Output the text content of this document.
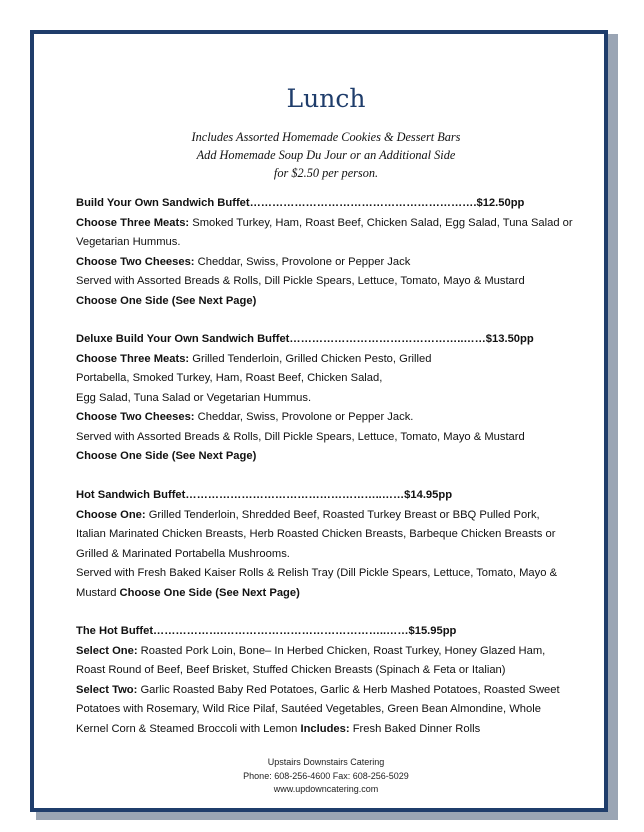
Lunch
Includes Assorted Homemade Cookies & Dessert Bars
Add Homemade Soup Du Jour or an Additional Side
for $2.50 per person.
Build Your Own Sandwich Buffet…………………………………………………….$12.50pp
Choose Three Meats: Smoked Turkey, Ham, Roast Beef, Chicken Salad, Egg Salad, Tuna Salad or
Vegetarian Hummus.
Choose Two Cheeses: Cheddar, Swiss, Provolone or Pepper Jack
Served with Assorted Breads & Rolls, Dill Pickle Spears, Lettuce, Tomato, Mayo & Mustard
Choose One Side (See Next Page)
Deluxe Build Your Own Sandwich Buffet………………………………………..……$13.50pp
Choose Three Meats: Grilled Tenderloin, Grilled Chicken Pesto, Grilled
Portabella, Smoked Turkey, Ham, Roast Beef, Chicken Salad,
Egg Salad, Tuna Salad or Vegetarian Hummus.
Choose Two Cheeses: Cheddar, Swiss, Provolone or Pepper Jack.
Served with Assorted Breads & Rolls, Dill Pickle Spears, Lettuce, Tomato, Mayo & Mustard
Choose One Side (See Next Page)
Hot Sandwich Buffet……………………………………………..……$14.95pp
Choose One: Grilled Tenderloin, Shredded Beef, Roasted Turkey Breast or BBQ Pulled Pork,
Italian Marinated Chicken Breasts, Herb Roasted Chicken Breasts, Barbeque Chicken Breasts or
Grilled & Marinated Portabella Mushrooms.
Served with Fresh Baked Kaiser Rolls & Relish Tray (Dill Pickle Spears, Lettuce, Tomato, Mayo &
Mustard Choose One Side (See Next Page)
The Hot Buffet……………….……………………………………..……$15.95pp
Select One: Roasted Pork Loin, Bone– In Herbed Chicken, Roast Turkey, Honey Glazed Ham,
Roast Round of Beef, Beef Brisket, Stuffed Chicken Breasts (Spinach & Feta or Italian)
Select Two: Garlic Roasted Baby Red Potatoes, Garlic & Herb Mashed Potatoes, Roasted Sweet
Potatoes with Rosemary, Wild Rice Pilaf, Sautéed Vegetables, Green Bean Almondine, Whole
Kernel Corn & Steamed Broccoli with Lemon Includes: Fresh Baked Dinner Rolls
Upstairs Downstairs Catering
Phone: 608-256-4600 Fax: 608-256-5029
www.updowncatering.com
